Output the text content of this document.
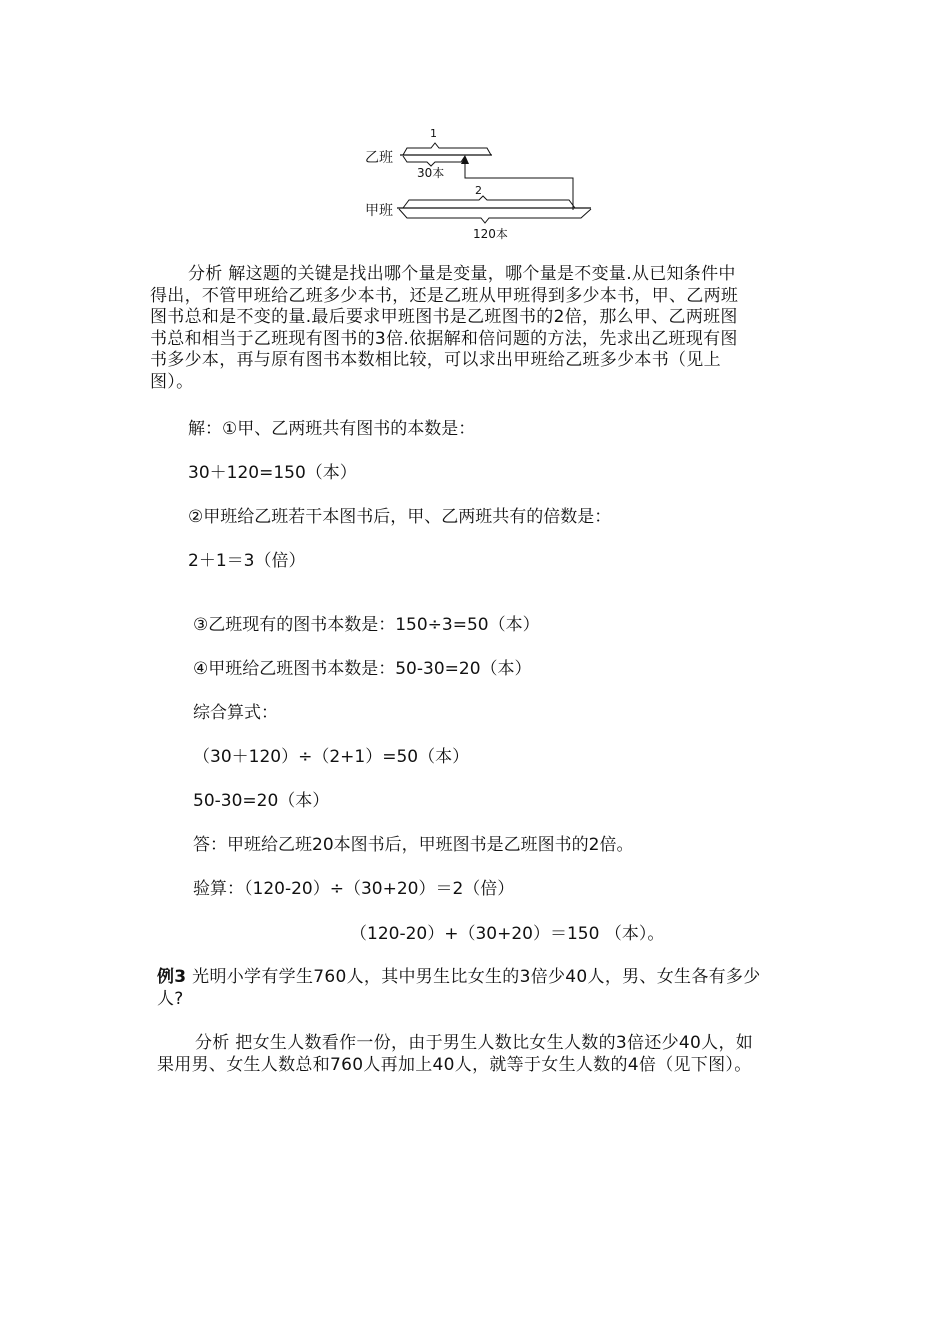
乙班
1
30本
甲班
2
120本
分析 解这题的关键是找出哪个量是变量，哪个量是不变量.从已知条件中
得出，不管甲班给乙班多少本书，还是乙班从甲班得到多少本书，甲、乙两班
图书总和是不变的量.最后要求甲班图书是乙班图书的2倍，那么甲、乙两班图
书总和相当于乙班现有图书的3倍.依据解和倍问题的方法，先求出乙班现有图
书多少本，再与原有图书本数相比较，可以求出甲班给乙班多少本书（见上
图）。
解：①甲、乙两班共有图书的本数是：
30＋120=150（本）
②甲班给乙班若干本图书后，甲、乙两班共有的倍数是：
2＋1＝3（倍）
③乙班现有的图书本数是：150÷3=50（本）
④甲班给乙班图书本数是：50-30=20（本）
综合算式：
（30＋120）÷（2+1）=50（本）
50-30=20（本）
答：甲班给乙班20本图书后，甲班图书是乙班图书的2倍。
验算：（120-20）÷（30+20）＝2（倍）
（120-20）+（30+20）＝150 （本）。
例3 光明小学有学生760人，其中男生比女生的3倍少40人，男、女生各有多少
人?
分析 把女生人数看作一份，由于男生人数比女生人数的3倍还少40人，如
果用男、女生人数总和760人再加上40人，就等于女生人数的4倍（见下图）。
